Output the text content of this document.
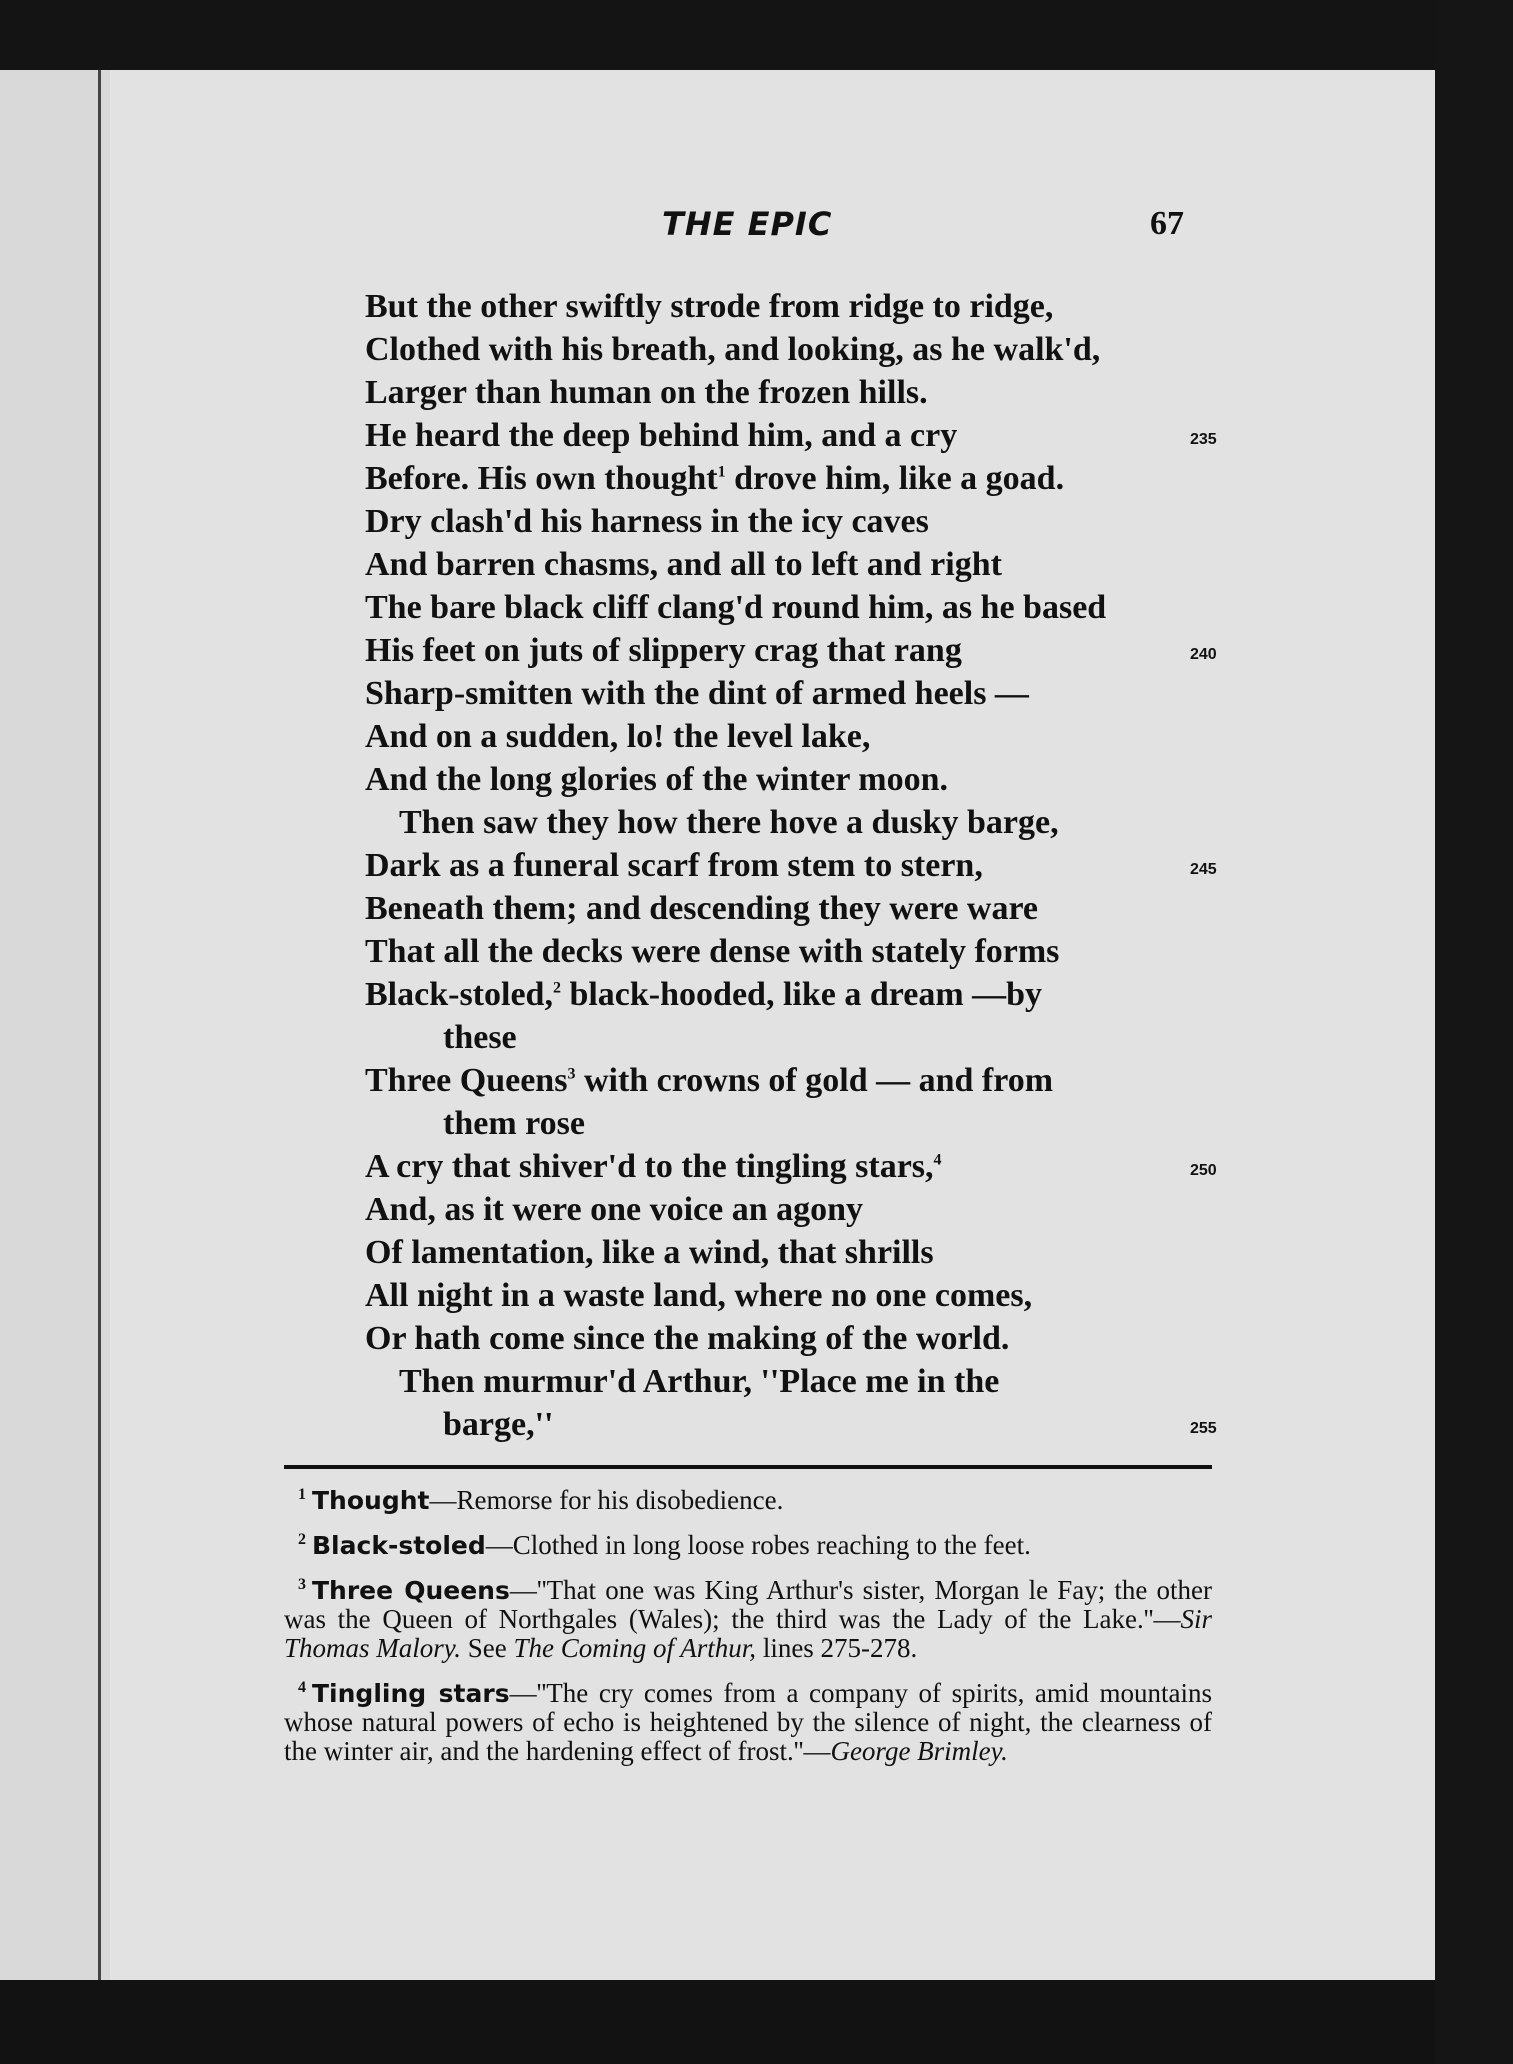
THE EPIC	67
But the other swiftly strode from ridge to ridge,
Clothed with his breath, and looking, as he walk'd,
Larger than human on the frozen hills.
He heard the deep behind him, and a cry	235
Before. His own thought$^1$ drove him, like a goad.
Dry clash'd his harness in the icy caves
And barren chasms, and all to left and right
The bare black cliff clang'd round him, as he based
His feet on juts of slippery crag that rang	240
Sharp-smitten with the dint of armed heels —
And on a sudden, lo! the level lake,
And the long glories of the winter moon.
Then saw they how there hove a dusky barge,
Dark as a funeral scarf from stem to stern,	245
Beneath them; and descending they were ware
That all the decks were dense with stately forms
Black-stoled,$^2$ black-hooded, like a dream —by
these
Three Queens$^3$ with crowns of gold — and from
them rose
A cry that shiver'd to the tingling stars,$^4$
250
And, as it were one voice an agony
Of lamentation, like a wind, that shrills
All night in a waste land, where no one comes,
Or hath come since the making of the world.
Then murmur'd Arthur, ''Place me in the
barge,''	255

$^1$ Thought—Remorse for his disobedience.

$^2$ Black-stoled—Clothed in long loose robes reaching to the feet.

$^3$ Three Queens—''That one was King Arthur's sister, Morgan le Fay; the other was the Queen of Northgales (Wales); the third was the Lady of the Lake.''—Sir Thomas Malory. See The Coming of Arthur, lines 275-278.

$^4$ Tingling stars—''The cry comes from a company of spirits, amid mountains whose natural powers of echo is heightened by the silence of night, the clearness of the winter air, and the hardening effect of frost.''—George Brimley.
